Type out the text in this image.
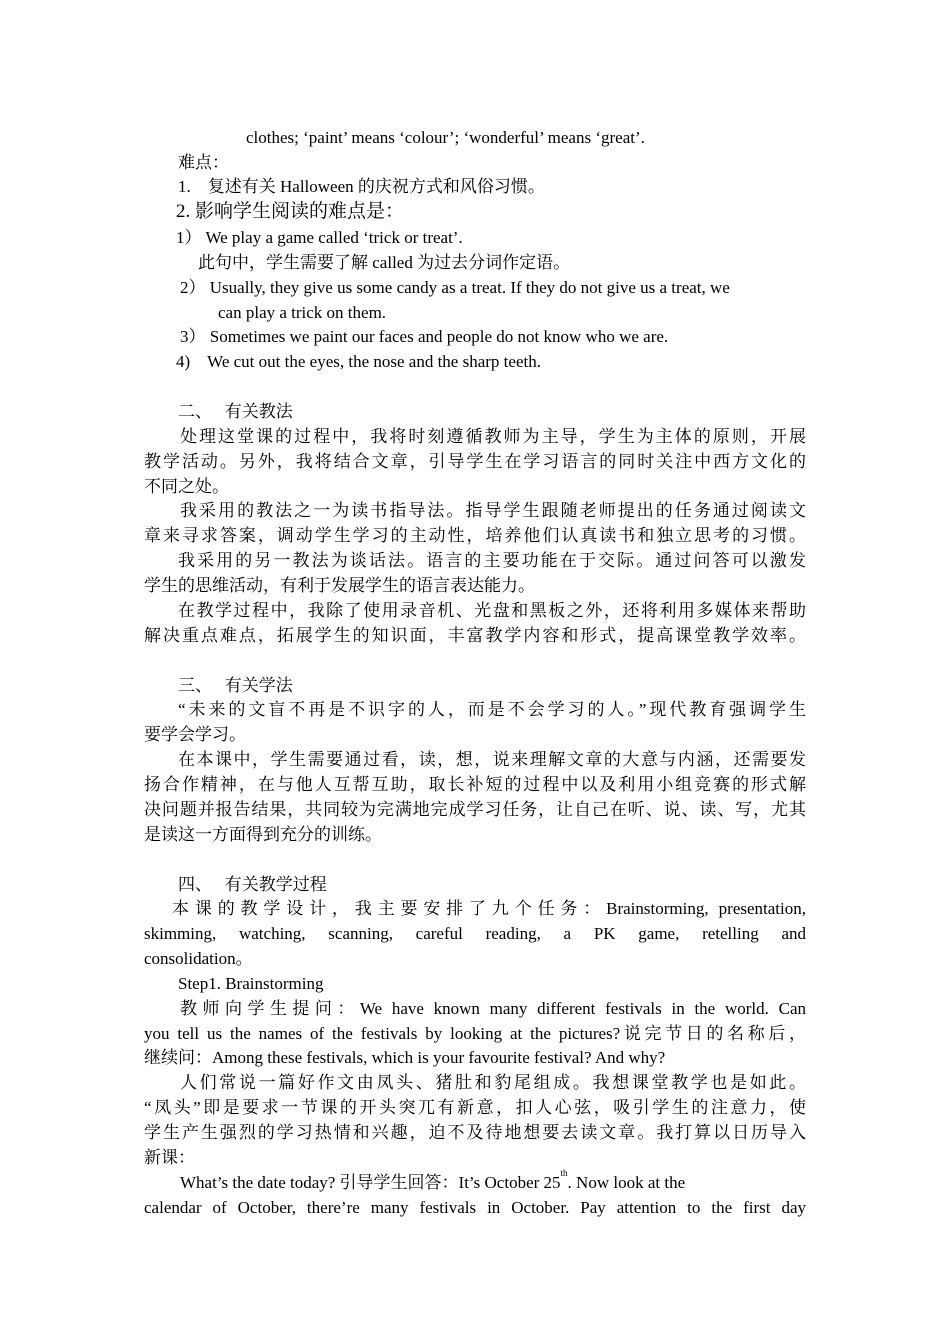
clothes; ‘paint’ means ‘colour’; ‘wonderful’ means ‘great’.
难点：
1.　复述有关 Halloween 的庆祝方式和风俗习惯。
2. 影响学生阅读的难点是：
1） We play a game called ‘trick or treat’.
此句中，学生需要了解 called 为过去分词作定语。
2） Usually, they give us some candy as a treat. If they do not give us a treat, we
can play a trick on them.
3） Sometimes we paint our faces and people do not know who we are.
4)　We cut out the eyes, the nose and the sharp teeth.
二、　 有关教法
处理这堂课的过程中，我将时刻遵循教师为主导，学生为主体的原则，开展
教学活动。另外，我将结合文章，引导学生在学习语言的同时关注中西方文化的
不同之处。
我采用的教法之一为读书指导法。指导学生跟随老师提出的任务通过阅读文
章来寻求答案，调动学生学习的主动性，培养他们认真读书和独立思考的习惯。
我采用的另一教法为谈话法。语言的主要功能在于交际。通过问答可以激发
学生的思维活动，有利于发展学生的语言表达能力。
在教学过程中，我除了使用录音机、光盘和黑板之外，还将利用多媒体来帮助
解决重点难点，拓展学生的知识面，丰富教学内容和形式，提高课堂教学效率。
三、　 有关学法
“未来的文盲不再是不识字的人，而是不会学习的人。”现代教育强调学生
要学会学习。
在本课中，学生需要通过看，读，想，说来理解文章的大意与内涵，还需要发
扬合作精神，在与他人互帮互助，取长补短的过程中以及利用小组竞赛的形式解
决问题并报告结果，共同较为完满地完成学习任务，让自己在听、说、读、写，尤其
是读这一方面得到充分的训练。
四、　 有关教学过程
本课的教学设计，我主要安排了九个任务：Brainstorming, presentation,
skimming, watching, scanning, careful reading, a PK game, retelling and
consolidation。
Step1. Brainstorming
教师向学生提问：We have known many different festivals in the world. Can
you tell us the names of the festivals by looking at the pictures?说完节日的名称后，
继续问：Among these festivals, which is your favourite festival? And why?
人们常说一篇好作文由凤头、猪肚和豹尾组成。我想课堂教学也是如此。
“凤头”即是要求一节课的开头突兀有新意，扣人心弦，吸引学生的注意力，使
学生产生强烈的学习热情和兴趣，迫不及待地想要去读文章。我打算以日历导入
新课：
What’s the date today? 引导学生回答：It’s October 25 th . Now look at the
calendar of October, there’re many festivals in October. Pay attention to the first day
